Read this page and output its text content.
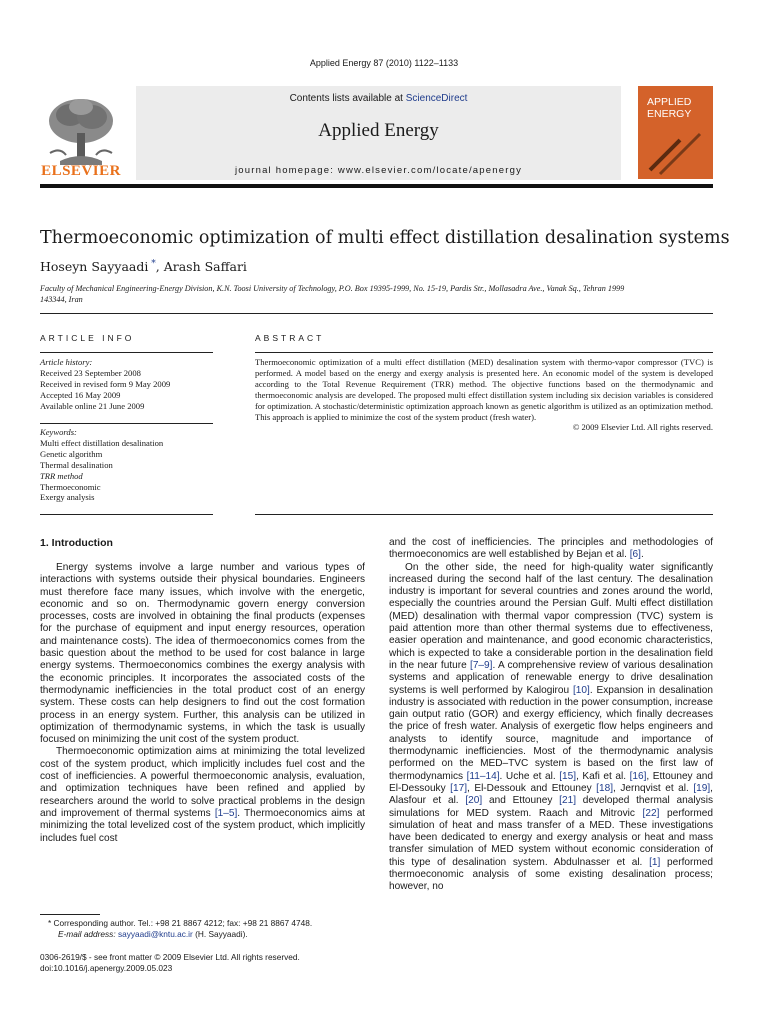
Applied Energy 87 (2010) 1122–1133
Contents lists available at ScienceDirect
Applied Energy
journal homepage: www.elsevier.com/locate/apenergy
ELSEVIER
APPLIED ENERGY
Thermoeconomic optimization of multi effect distillation desalination systems
Hoseyn Sayyaadi *, Arash Saffari
Faculty of Mechanical Engineering-Energy Division, K.N. Toosi University of Technology, P.O. Box 19395-1999, No. 15-19, Pardis Str., Mollasadra Ave., Vanak Sq., Tehran 1999 143344, Iran
ARTICLE INFO
Article history:
Received 23 September 2008
Received in revised form 9 May 2009
Accepted 16 May 2009
Available online 21 June 2009
Keywords:
Multi effect distillation desalination
Genetic algorithm
Thermal desalination
TRR method
Thermoeconomic
Exergy analysis
ABSTRACT

Thermoeconomic optimization of a multi effect distillation (MED) desalination system with thermo-vapor compressor (TVC) is performed. A model based on the energy and exergy analysis is presented here. An economic model of the system is developed according to the Total Revenue Requirement (TRR) method. The objective functions based on the thermodynamic and thermoeconomic analysis are developed. The proposed multi effect distillation system including six decision variables is considered for optimization. A stochastic/deterministic optimization approach known as genetic algorithm is utilized as an optimization method. This approach is applied to minimize the cost of the system product (fresh water).

© 2009 Elsevier Ltd. All rights reserved.

1. Introduction

Energy systems involve a large number and various types of interactions with systems outside their physical boundaries. Engineers must therefore face many issues, which involve with the energetic, economic and so on. Thermodynamic govern energy conversion processes, costs are involved in obtaining the final products (expenses for the purchase of equipment and input energy resources, operation and maintenance costs). The idea of thermoeconomics comes from the basic question about the method to be used for cost balance in large energy systems. Thermoeconomics combines the exergy analysis with the economic principles. It incorporates the associated costs of the thermodynamic inefficiencies in the total product cost of an energy system. These costs can help designers to find out the cost formation process in an energy system. Further, this analysis can be utilized in optimization of thermodynamic systems, in which the task is usually focused on minimizing the unit cost of the system product.

Thermoeconomic optimization aims at minimizing the total levelized cost of the system product, which implicitly includes fuel cost and the cost of inefficiencies. A powerful thermoeconomic analysis, evaluation, and optimization techniques have been refined and applied by researchers around the world to solve practical problems in the design and improvement of thermal systems [1–5]. Thermoeconomics aims at minimizing the total levelized cost of the system product, which implicitly includes fuel cost

and the cost of inefficiencies. The principles and methodologies of thermoeconomics are well established by Bejan et al. [6].

On the other side, the need for high-quality water significantly increased during the second half of the last century. The desalination industry is important for several countries and zones around the world, especially the countries around the Persian Gulf. Multi effect distillation (MED) desalination with thermal vapor compression (TVC) system is paid attention more than other thermal systems due to effectiveness, easier operation and maintenance, and good economic characteristics, which is expected to take a considerable portion in the desalination field in the near future [7–9]. A comprehensive review of various desalination systems and application of renewable energy to drive desalination systems is well performed by Kalogirou [10]. Expansion in desalination industry is associated with reduction in the power consumption, increase gain output ratio (GOR) and exergy efficiency, which finally decreases the price of fresh water. Analysis of exergetic flow helps engineers and analysts to identify source, magnitude and importance of thermodynamic inefficiencies. Most of the thermodynamic analysis performed on the MED–TVC system is based on the first law of thermodynamics [11–14]. Uche et al. [15], Kafi et al. [16], Ettouney and El-Dessouky [17], El-Dessouk and Ettouney [18], Jernqvist et al. [19], Alasfour et al. [20] and Ettouney [21] developed thermal analysis simulations for MED system. Raach and Mitrovic [22] performed simulation of heat and mass transfer of a MED. These investigations have been dedicated to energy and exergy analysis or heat and mass transfer simulation of MED system without economic consideration of this type of desalination system. Abdulnasser et al. [1] performed thermoeconomic analysis of some existing desalination process; however, no

* Corresponding author. Tel.: +98 21 8867 4212; fax: +98 21 8867 4748.
E-mail address: sayyaadi@kntu.ac.ir (H. Sayyaadi).
0306-2619/$ - see front matter © 2009 Elsevier Ltd. All rights reserved.
doi:10.1016/j.apenergy.2009.05.023
